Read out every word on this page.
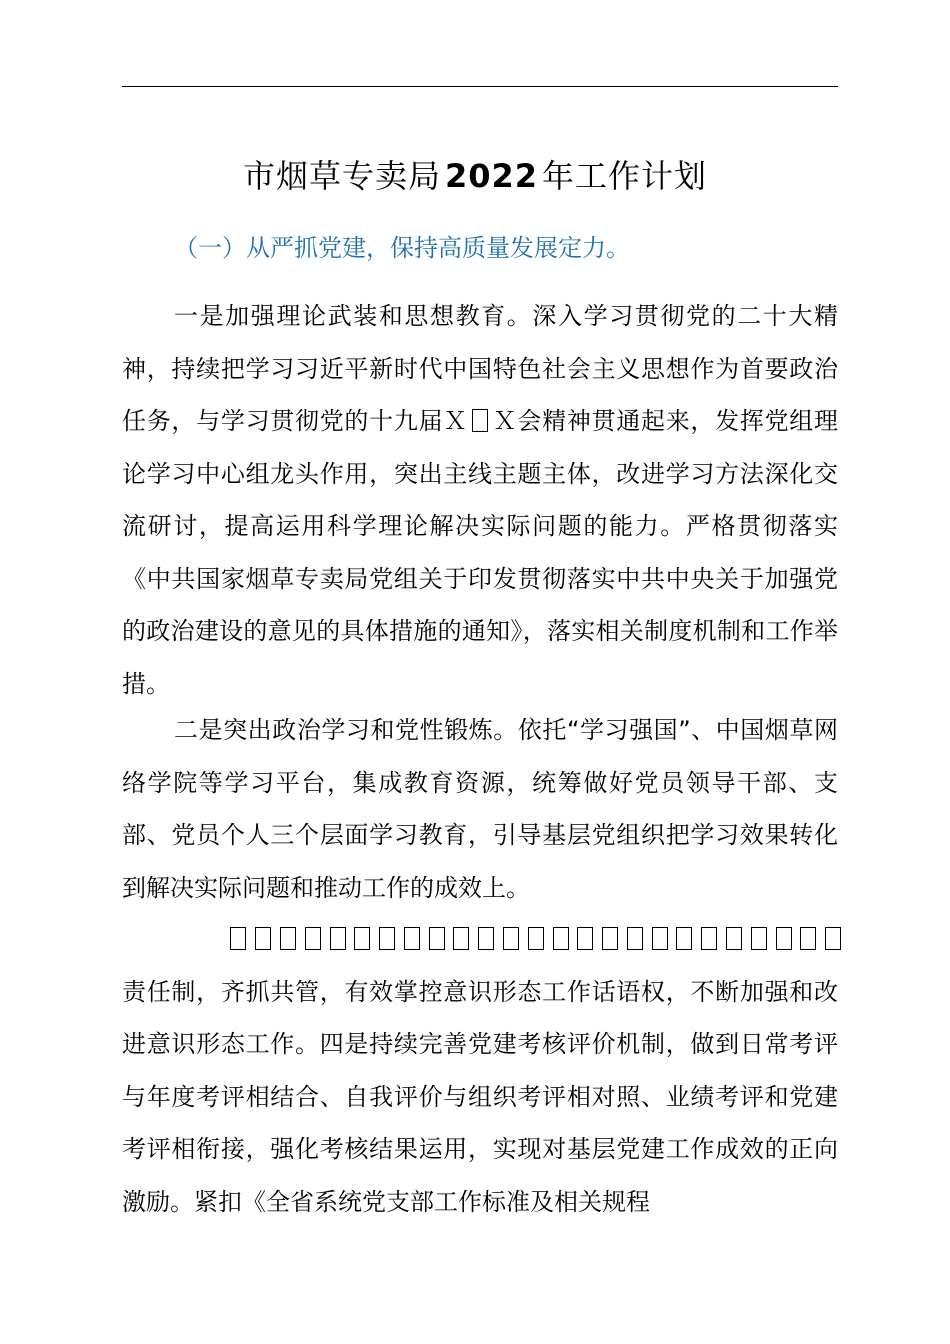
市烟草专卖局 2022 年工作计划
（一）从严抓党建，保持高质量发展定力。

一是加强理论武装和思想教育。深入学习贯彻党的二十大精神，持续把学习习近平新时代中国特色社会主义思想作为首要政治任务，与学习贯彻党的十九届Ｘ Ｘ会精神贯通起来，发挥党组理论学习中心组龙头作用，突出主线主题主体，改进学习方法深化交流研讨，提高运用科学理论解决实际问题的能力。严格贯彻落实《中共国家烟草专卖局党组关于印发贯彻落实中共中央关于加强党的政治建设的意见的具体措施的通知》，落实相关制度机制和工作举措。

二是突出政治学习和党性锻炼。依托“学习强国”、中国烟草网络学院等学习平台，集成教育资源，统筹做好党员领导干部、支部、党员个人三个层面学习教育，引导基层党组织把学习效果转化到解决实际问题和推动工作的成效上。

责任制，齐抓共管，有效掌控意识形态工作话语权，不断加强和改进意识形态工作。四是持续完善党建考核评价机制，做到日常考评与年度考评相结合、自我评价与组织考评相对照、业绩考评和党建考评相衔接，强化考核结果运用，实现对基层党建工作成效的正向激励。紧扣《全省系统党支部工作标准及相关规程
